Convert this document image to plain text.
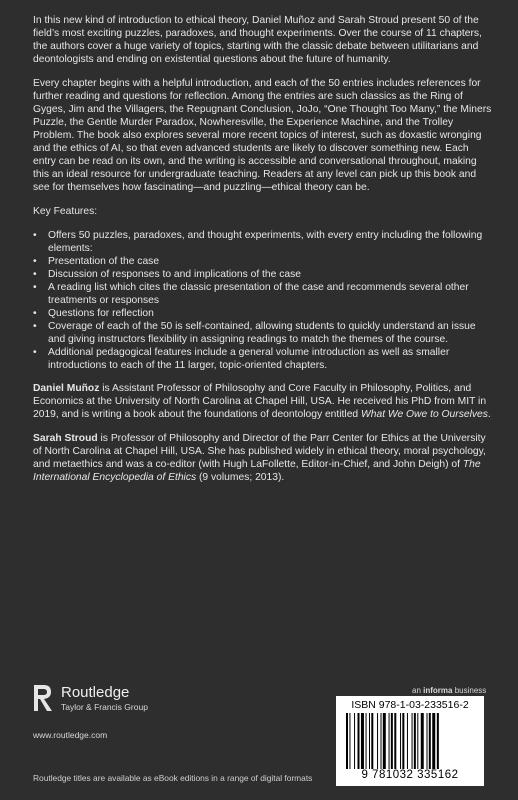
In this new kind of introduction to ethical theory, Daniel Muñoz and Sarah Stroud present 50 of the field’s most exciting puzzles, paradoxes, and thought experiments. Over the course of 11 chapters, the authors cover a huge variety of topics, starting with the classic debate between utilitarians and deontologists and ending on existential questions about the future of humanity.

Every chapter begins with a helpful introduction, and each of the 50 entries includes references for further reading and questions for reflection. Among the entries are such classics as the Ring of Gyges, Jim and the Villagers, the Repugnant Conclusion, JoJo, “One Thought Too Many,” the Miners Puzzle, the Gentle Murder Paradox, Nowheresville, the Experience Machine, and the Trolley Problem. The book also explores several more recent topics of interest, such as doxastic wronging and the ethics of AI, so that even advanced students are likely to discover something new. Each entry can be read on its own, and the writing is accessible and conversational throughout, making this an ideal resource for undergraduate teaching. Readers at any level can pick up this book and see for themselves how fascinating—and puzzling—ethical theory can be.

Key Features:

• Offers 50 puzzles, paradoxes, and thought experiments, with every entry including the following elements:
• Presentation of the case
• Discussion of responses to and implications of the case
• A reading list which cites the classic presentation of the case and recommends several other treatments or responses
• Questions for reflection
• Coverage of each of the 50 is self-contained, allowing students to quickly understand an issue and giving instructors flexibility in assigning readings to match the themes of the course.
• Additional pedagogical features include a general volume introduction as well as smaller introductions to each of the 11 larger, topic-oriented chapters.

Daniel Muñoz is Assistant Professor of Philosophy and Core Faculty in Philosophy, Politics, and Economics at the University of North Carolina at Chapel Hill, USA. He received his PhD from MIT in 2019, and is writing a book about the foundations of deontology entitled What We Owe to Ourselves.

Sarah Stroud is Professor of Philosophy and Director of the Parr Center for Ethics at the University of North Carolina at Chapel Hill, USA. She has published widely in ethical theory, moral psychology, and metaethics and was a co-editor (with Hugh LaFollette, Editor-in-Chief, and John Deigh) of The International Encyclopedia of Ethics (9 volumes; 2013).

Routledge
Taylor & Francis Group
www.routledge.com
Routledge titles are available as eBook editions in a range of digital formats
an informa business
ISBN 978-1-03-233516-2
9 781032 335162
